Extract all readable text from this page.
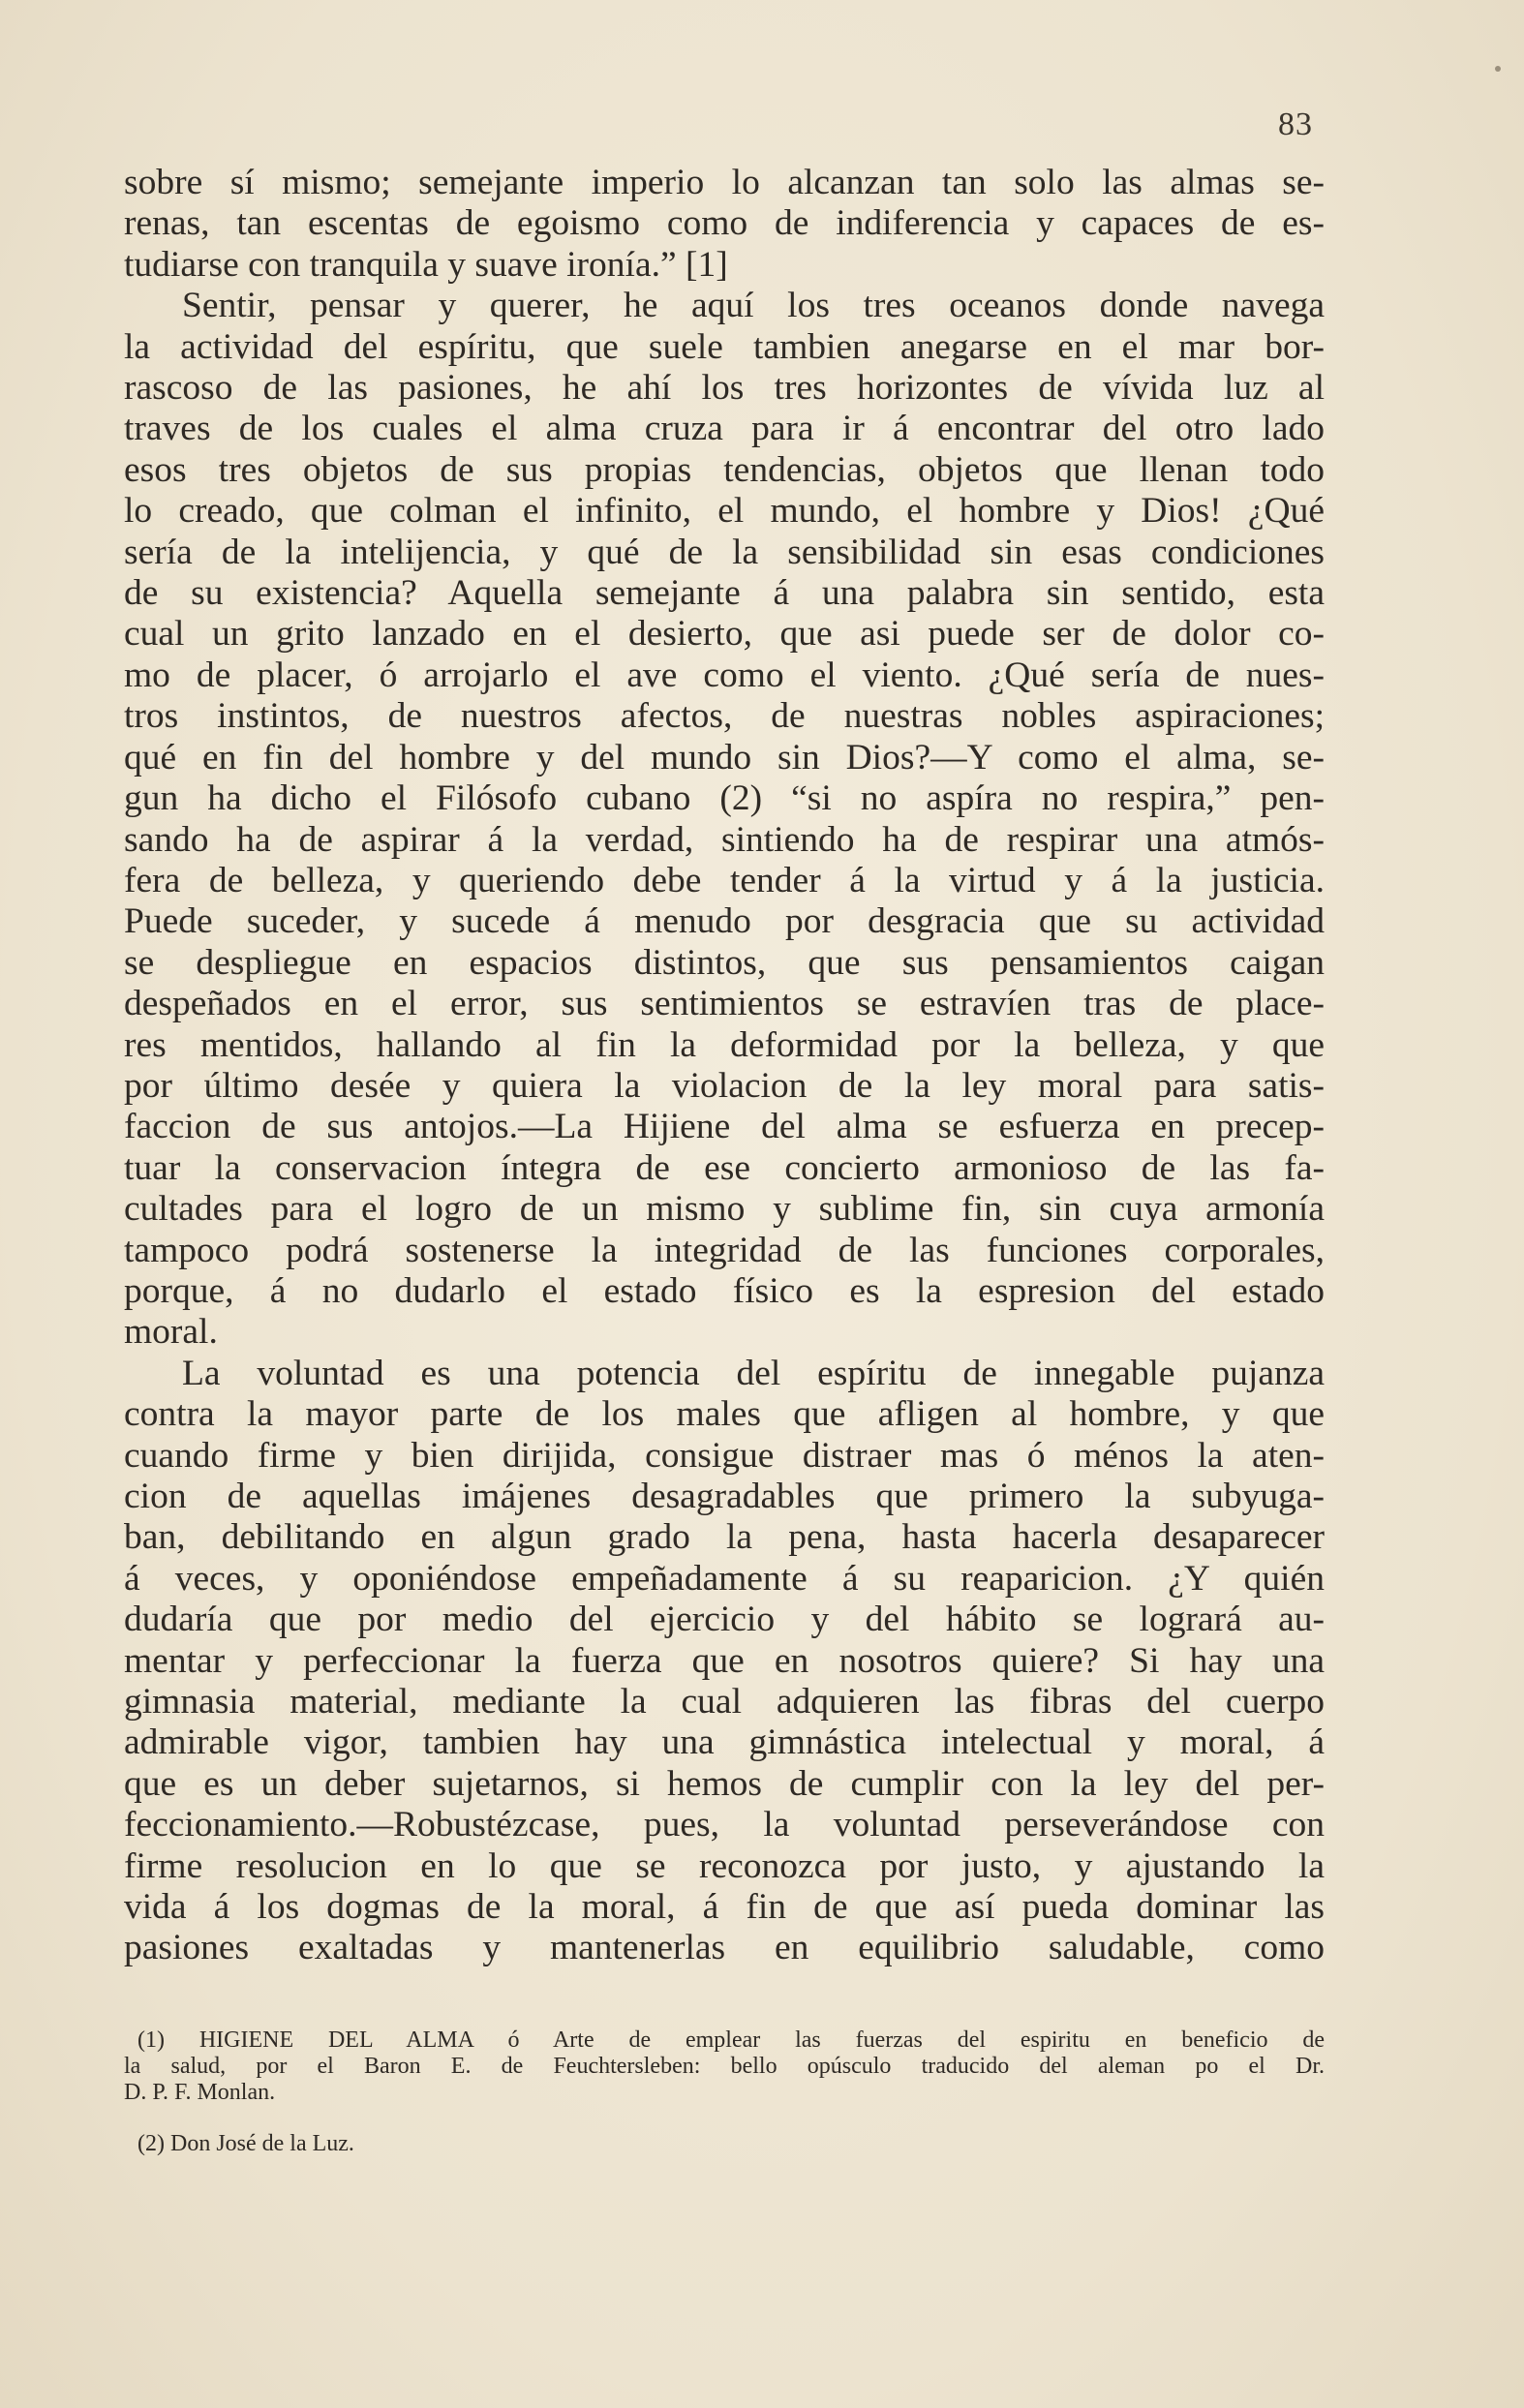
83
sobre sí mismo; semejante imperio lo alcanzan tan solo las almas se-
renas, tan escentas de egoismo como de indiferencia y capaces de es-
tudiarse con tranquila y suave ironía.” [1]
Sentir, pensar y querer, he aquí los tres oceanos donde navega
la actividad del espíritu, que suele tambien anegarse en el mar bor-
rascoso de las pasiones, he ahí los tres horizontes de vívida luz al
traves de los cuales el alma cruza para ir á encontrar del otro lado
esos tres objetos de sus propias tendencias, objetos que llenan todo
lo creado, que colman el infinito, el mundo, el hombre y Dios! ¿Qué
sería de la intelijencia, y qué de la sensibilidad sin esas condiciones
de su existencia? Aquella semejante á una palabra sin sentido, esta
cual un grito lanzado en el desierto, que asi puede ser de dolor co-
mo de placer, ó arrojarlo el ave como el viento. ¿Qué sería de nues-
tros instintos, de nuestros afectos, de nuestras nobles aspiraciones;
qué en fin del hombre y del mundo sin Dios?—Y como el alma, se-
gun ha dicho el Filósofo cubano (2) “si no aspíra no respira,” pen-
sando ha de aspirar á la verdad, sintiendo ha de respirar una atmós-
fera de belleza, y queriendo debe tender á la virtud y á la justicia.
Puede suceder, y sucede á menudo por desgracia que su actividad
se despliegue en espacios distintos, que sus pensamientos caigan
despeñados en el error, sus sentimientos se estravíen tras de place-
res mentidos, hallando al fin la deformidad por la belleza, y que
por último desée y quiera la violacion de la ley moral para satis-
faccion de sus antojos.—La Hijiene del alma se esfuerza en precep-
tuar la conservacion íntegra de ese concierto armonioso de las fa-
cultades para el logro de un mismo y sublime fin, sin cuya armonía
tampoco podrá sostenerse la integridad de las funciones corporales,
porque, á no dudarlo el estado físico es la espresion del estado
moral.
La voluntad es una potencia del espíritu de innegable pujanza
contra la mayor parte de los males que afligen al hombre, y que
cuando firme y bien dirijida, consigue distraer mas ó ménos la aten-
cion de aquellas imájenes desagradables que primero la subyuga-
ban, debilitando en algun grado la pena, hasta hacerla desaparecer
á veces, y oponiéndose empeñadamente á su reaparicion. ¿Y quién
dudaría que por medio del ejercicio y del hábito se logrará au-
mentar y perfeccionar la fuerza que en nosotros quiere? Si hay una
gimnasia material, mediante la cual adquieren las fibras del cuerpo
admirable vigor, tambien hay una gimnástica intelectual y moral, á
que es un deber sujetarnos, si hemos de cumplir con la ley del per-
feccionamiento.—Robustézcase, pues, la voluntad perseverándose con
firme resolucion en lo que se reconozca por justo, y ajustando la
vida á los dogmas de la moral, á fin de que así pueda dominar las
pasiones exaltadas y mantenerlas en equilibrio saludable, como
(1) HIGIENE DEL ALMA ó Arte de emplear las fuerzas del espiritu en beneficio de
la salud, por el Baron E. de Feuchtersleben: bello opúsculo traducido del aleman po el Dr.
D. P. F. Monlan.
(2) Don José de la Luz.
